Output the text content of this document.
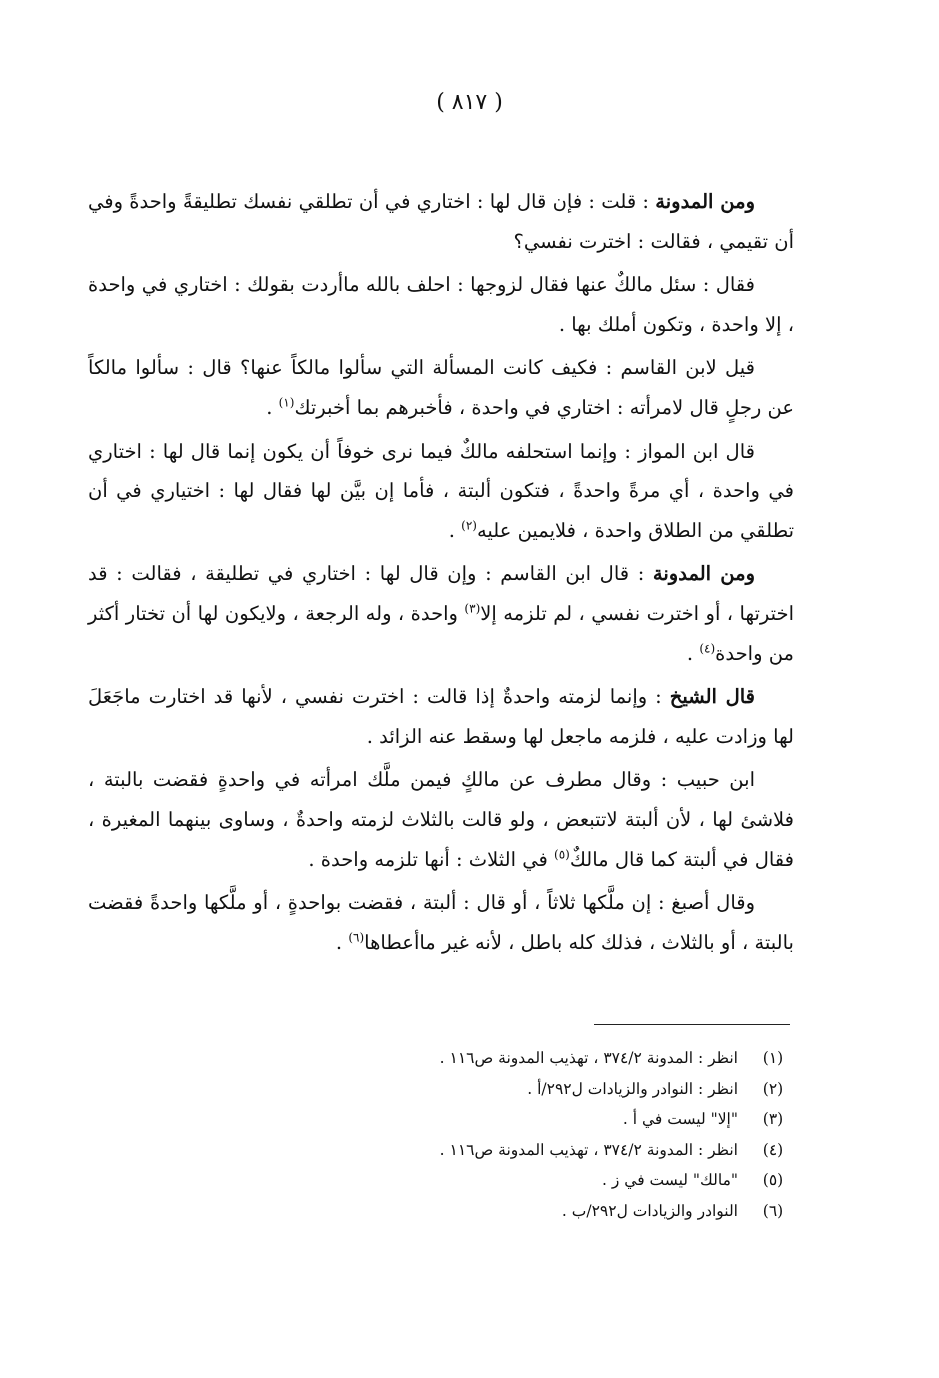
( ٨١٧ )

ومن المدونة : قلت : فإن قال لها : اختاري في أن تطلقي نفسك تطليقةً واحدةً وفي أن تقيمي ، فقالت : اخترت نفسي؟

فقال : سئل مالكٌ عنها فقال لزوجها : احلف بالله ماأردت بقولك : اختاري في واحدة ، إلا واحدة ، وتكون أملك بها .

قيل لابن القاسم : فكيف كانت المسألة التي سألوا مالكاً عنها؟ قال : سألوا مالكاً عن رجلٍ قال لامرأته : اختاري في واحدة ، فأخبرهم بما أخبرتك$^{(١)}$ .

قال ابن المواز : وإنما استحلفه مالكٌ فيما نرى خوفاً أن يكون إنما قال لها : اختاري في واحدة ، أي مرةً واحدةً ، فتكون ألبتة ، فأما إن بيَّن لها فقال لها : اختياري في أن تطلقي من الطلاق واحدة ، فلايمين عليه$^{(٢)}$ .

ومن المدونة : قال ابن القاسم : وإن قال لها : اختاري في تطليقة ، فقالت : قد اخترتها ، أو اخترت نفسي ، لم تلزمه إلا$^{(٣)}$ واحدة ، وله الرجعة ، ولايكون لها أن تختار أكثر من واحدة$^{(٤)}$ .

قال الشيخ : وإنما لزمته واحدةٌ إذا قالت : اخترت نفسي ، لأنها قد اختارت ماجَعَلَ لها وزادت عليه ، فلزمه ماجعل لها وسقط عنه الزائد .

ابن حبيب : وقال مطرف عن مالكٍ فيمن ملَّك امرأته في واحدةٍ فقضت بالبتة ، فلاشئ لها ، لأن ألبتة لاتتبعض ، ولو قالت بالثلاث لزمته واحدةٌ ، وساوى بينهما المغيرة ، فقال في ألبتة كما قال مالكٌ$^{(٥)}$ في الثلاث : أنها تلزمه واحدة .

وقال أصبغ : إن ملَّكها ثلاثاً ، أو قال : ألبتة ، فقضت بواحدةٍ ، أو ملَّكها واحدةً فقضت بالبتة ، أو بالثلاث ، فذلك كله باطل ، لأنه غير ماأعطاها$^{(٦)}$ .

(١)
انظر : المدونة ٣٧٤/٢ ، تهذيب المدونة ص١١٦ .
(٢)
انظر : النوادر والزيادات ل٢٩٢/أ .
(٣)
"إلا" ليست في أ .
(٤)
انظر : المدونة ٣٧٤/٢ ، تهذيب المدونة ص١١٦ .
(٥)
"مالك" ليست في ز .
(٦)
النوادر والزيادات ل٢٩٢/ب .
